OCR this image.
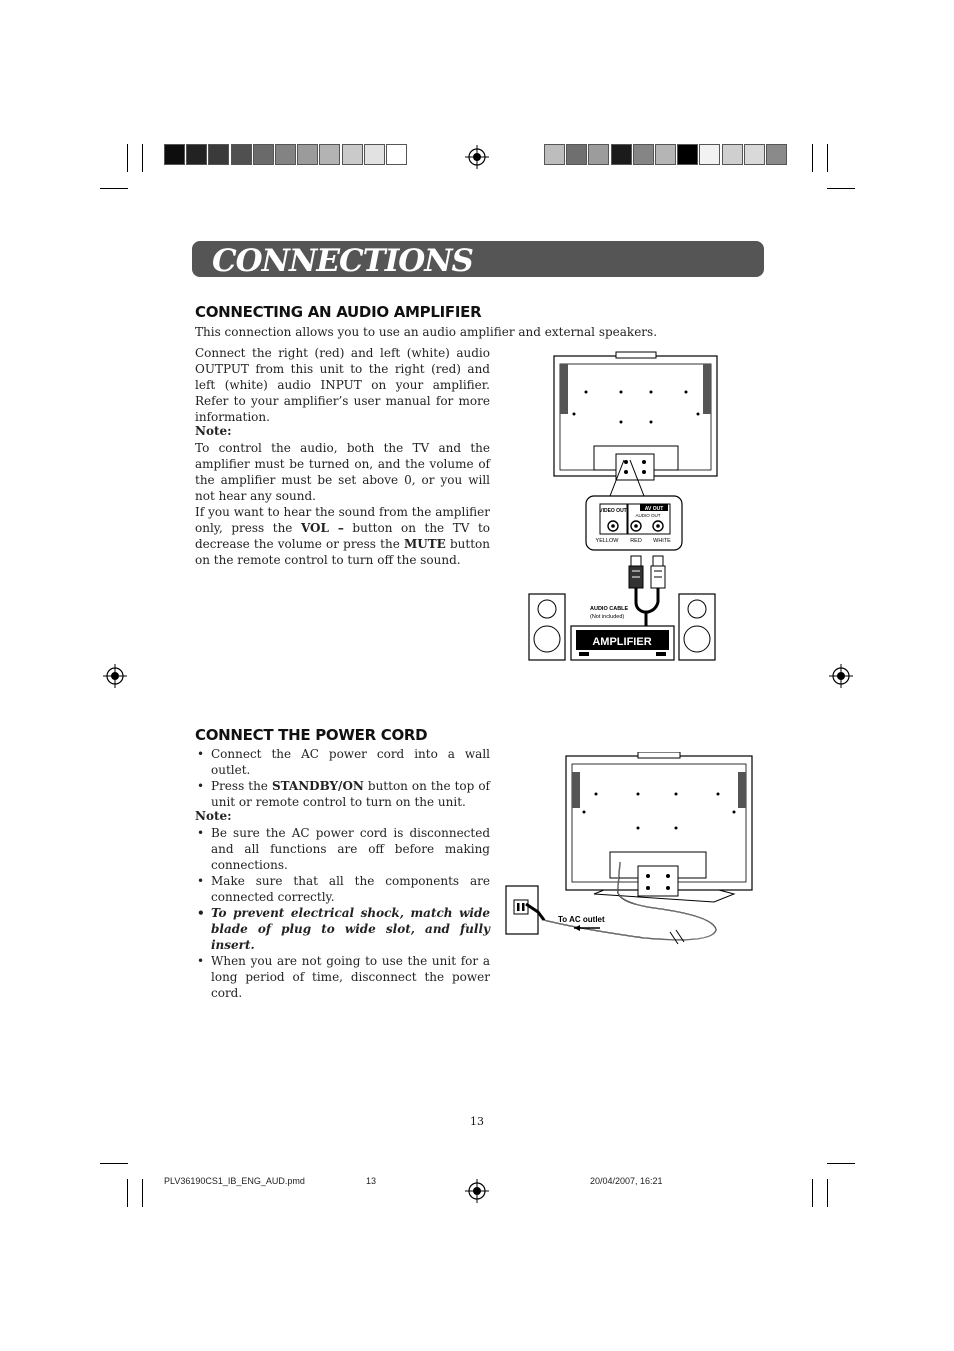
CONNECTIONS
CONNECTING AN AUDIO AMPLIFIER
This connection allows you to use an audio amplifier and external speakers.
Connect the right (red) and left (white) audio OUTPUT from this unit to the right (red) and left (white) audio INPUT on your amplifier. Refer to your amplifier’s user manual for more information.
Note:
To control the audio, both the TV and the amplifier must be turned on, and the volume of the amplifier must be set above 0, or you will not hear any sound.
If you want to hear the sound from the amplifier only, press the VOL – button on the TV to decrease the volume or press the MUTE button on the remote control to turn off the sound.
VIDEO OUT	AV OUT
AUDIO OUT
YELLOW RED WHITE
AUDIO CABLE
(Not included)
AMPLIFIER
CONNECT THE POWER CORD
• Connect the AC power cord into a wall outlet.
• Press the STANDBY/ON button on the top of unit or remote control to turn on the unit.
Note:
• Be sure the AC power cord is disconnected and all functions are off before making connections.
• Make sure that all the components are connected correctly.
• To prevent electrical shock, match wide blade of plug to wide slot, and fully insert.
• When you are not going to use the unit for a long period of time, disconnect the power cord.
To AC outlet
13
PLV36190CS1_IB_ENG_AUD.pmd	13	20/04/2007, 16:21
